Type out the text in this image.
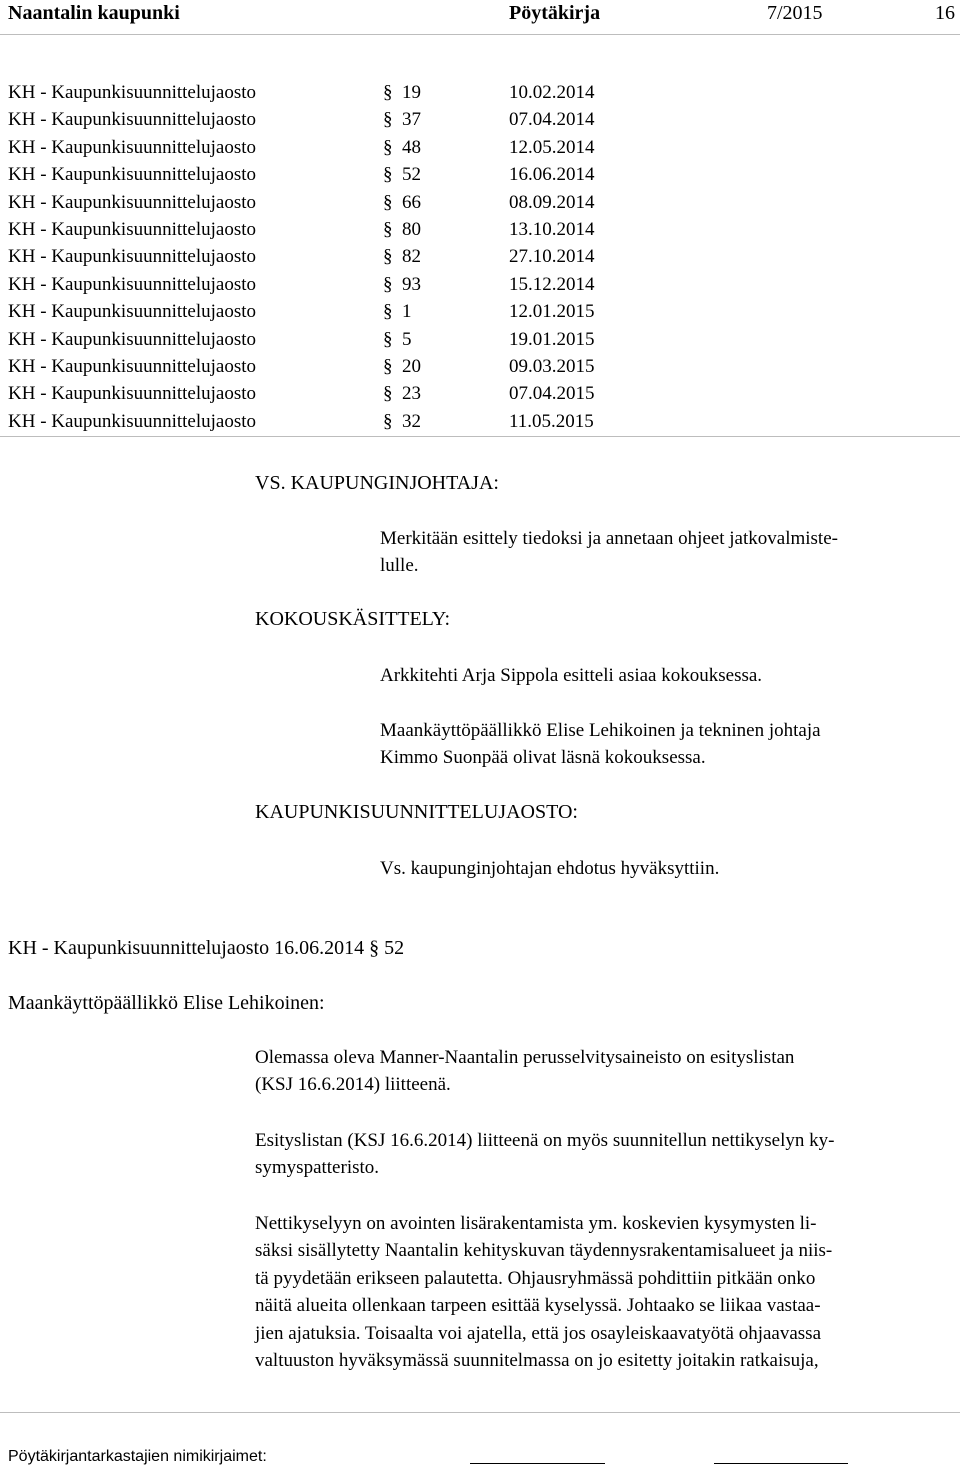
Naantalin kaupunki	Pöytäkirja	7/2015	16
KH - Kaupunkisuunnittelujaosto	§ 19	10.02.2014
KH - Kaupunkisuunnittelujaosto	§ 37	07.04.2014
KH - Kaupunkisuunnittelujaosto	§ 48	12.05.2014
KH - Kaupunkisuunnittelujaosto	§ 52	16.06.2014
KH - Kaupunkisuunnittelujaosto	§ 66	08.09.2014
KH - Kaupunkisuunnittelujaosto	§ 80	13.10.2014
KH - Kaupunkisuunnittelujaosto	§ 82	27.10.2014
KH - Kaupunkisuunnittelujaosto	§ 93	15.12.2014
KH - Kaupunkisuunnittelujaosto	§ 1	12.01.2015
KH - Kaupunkisuunnittelujaosto	§ 5	19.01.2015
KH - Kaupunkisuunnittelujaosto	§ 20	09.03.2015
KH - Kaupunkisuunnittelujaosto	§ 23	07.04.2015
KH - Kaupunkisuunnittelujaosto	§ 32	11.05.2015
VS. KAUPUNGINJOHTAJA:
Merkitään esittely tiedoksi ja annetaan ohjeet jatkovalmiste-
lulle.
KOKOUSKÄSITTELY:
Arkkitehti Arja Sippola esitteli asiaa kokouksessa.
Maankäyttöpäällikkö Elise Lehikoinen ja tekninen johtaja
Kimmo Suonpää olivat läsnä kokouksessa.
KAUPUNKISUUNNITTELUJAOSTO:
Vs. kaupunginjohtajan ehdotus hyväksyttiin.
KH - Kaupunkisuunnittelujaosto 16.06.2014 § 52
Maankäyttöpäällikkö Elise Lehikoinen:
Olemassa oleva Manner-Naantalin perusselvitysaineisto on esityslistan
(KSJ 16.6.2014) liitteenä.
Esityslistan (KSJ 16.6.2014) liitteenä on myös suunnitellun nettikyselyn ky-
symyspatteristo.
Nettikyselyyn on avointen lisärakentamista ym. koskevien kysymysten li-
säksi sisällytetty Naantalin kehityskuvan täydennysrakentamisalueet ja niis-
tä pyydetään erikseen palautetta. Ohjausryhmässä pohdittiin pitkään onko
näitä alueita ollenkaan tarpeen esittää kyselyssä. Johtaako se liikaa vastaa-
jien ajatuksia. Toisaalta voi ajatella, että jos osayleiskaavatyötä ohjaavassa
valtuuston hyväksymässä suunnitelmassa on jo esitetty joitakin ratkaisuja,
Pöytäkirjantarkastajien nimikirjaimet:
